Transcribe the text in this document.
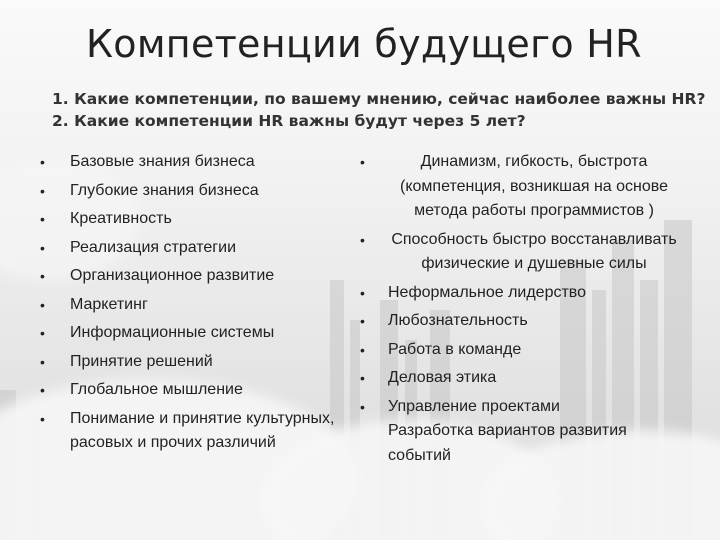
Компетенции будущего HR
1. Какие компетенции, по вашему мнению, сейчас наиболее важны HR?
2. Какие компетенции HR важны будут через 5 лет?
•	Базовые знания бизнеса
•	Глубокие знания бизнеса
•	Креативность
•	Реализация стратегии
•	Организационное развитие
•	Маркетинг
•	Информационные системы
•	Принятие решений
•	Глобальное мышление
•	Понимание и принятие культурных, расовых и прочих различий
•	Динамизм, гибкость, быстрота (компетенция, возникшая на основе метода работы программистов )
•	Способность быстро восстанавливать физические и душевные силы
•	Неформальное лидерство
•	Любознательность
•	Работа в команде
•	Деловая этика
•	Управление проектами
Разработка вариантов развития событий
